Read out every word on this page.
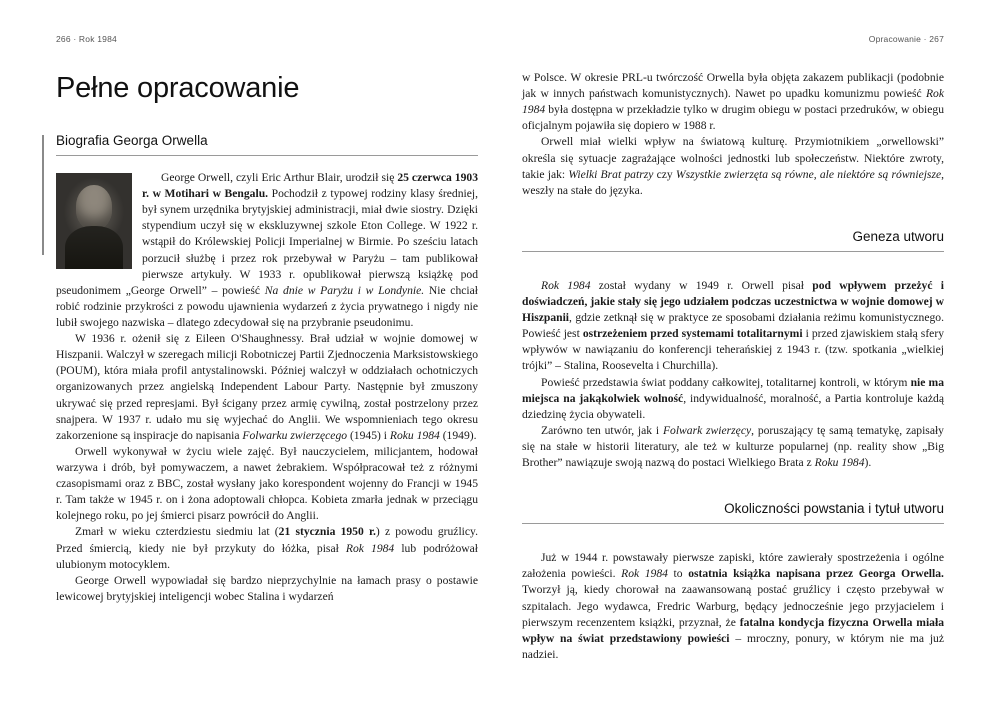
266 · Rok 1984	Opracowanie · 267
Pełne opracowanie
Biografia Georga Orwella

George Orwell, czyli Eric Arthur Blair, urodził się 25 czerwca 1903 r. w Motihari w Bengalu. Pochodził z typowej rodziny klasy średniej, był synem urzędnika brytyjskiej administracji, miał dwie siostry. Dzięki stypendium uczył się w ekskluzywnej szkole Eton College. W 1922 r. wstąpił do Królewskiej Policji Imperialnej w Birmie. Po sześciu latach porzucił służbę i przez rok przebywał w Paryżu – tam publikował pierwsze artykuły. W 1933 r. opublikował pierwszą książkę pod pseudonimem „George Orwell” – powieść Na dnie w Paryżu i w Londynie. Nie chciał robić rodzinie przykrości z powodu ujawnienia wydarzeń z życia prywatnego i nigdy nie lubił swojego nazwiska – dlatego zdecydował się na przybranie pseudonimu.

W 1936 r. ożenił się z Eileen O'Shaughnessy. Brał udział w wojnie domowej w Hiszpanii. Walczył w szeregach milicji Robotniczej Partii Zjednoczenia Marksistowskiego (POUM), która miała profil antystalinowski. Później walczył w oddziałach ochotniczych organizowanych przez angielską Independent Labour Party. Następnie był zmuszony ukrywać się przed represjami. Był ścigany przez armię cywilną, został postrzelony przez snajpera. W 1937 r. udało mu się wyjechać do Anglii. We wspomnieniach tego okresu zakorzenione są inspiracje do napisania Folwarku zwierzęcego (1945) i Roku 1984 (1949).

Orwell wykonywał w życiu wiele zajęć. Był nauczycielem, milicjantem, hodował warzywa i drób, był pomywaczem, a nawet żebrakiem. Współpracował też z różnymi czasopismami oraz z BBC, został wysłany jako korespondent wojenny do Francji w 1945 r. Tam także w 1945 r. on i żona adoptowali chłopca. Kobieta zmarła jednak w przeciągu kolejnego roku, po jej śmierci pisarz powrócił do Anglii.

Zmarł w wieku czterdziestu siedmiu lat (21 stycznia 1950 r.) z powodu gruźlicy. Przed śmiercią, kiedy nie był przykuty do łóżka, pisał Rok 1984 lub podróżował ulubionym motocyklem.

George Orwell wypowiadał się bardzo nieprzychylnie na łamach prasy o postawie lewicowej brytyjskiej inteligencji wobec Stalina i wydarzeń

w Polsce. W okresie PRL-u twórczość Orwella była objęta zakazem publikacji (podobnie jak w innych państwach komunistycznych). Nawet po upadku komunizmu powieść Rok 1984 była dostępna w przekładzie tylko w drugim obiegu w postaci przedruków, w obiegu oficjalnym pojawiła się dopiero w 1988 r.

Orwell miał wielki wpływ na światową kulturę. Przymiotnikiem „orwellowski” określa się sytuacje zagrażające wolności jednostki lub społeczeństw. Niektóre zwroty, takie jak: Wielki Brat patrzy czy Wszystkie zwierzęta są równe, ale niektóre są równiejsze, weszły na stałe do języka.

Geneza utworu

Rok 1984 został wydany w 1949 r. Orwell pisał pod wpływem przeżyć i doświadczeń, jakie stały się jego udziałem podczas uczestnictwa w wojnie domowej w Hiszpanii, gdzie zetknął się w praktyce ze sposobami działania reżimu komunistycznego. Powieść jest ostrzeżeniem przed systemami totalitarnymi i przed zjawiskiem stałą sfery wpływów w nawiązaniu do konferencji teherańskiej z 1943 r. (tzw. spotkania „wielkiej trójki” – Stalina, Roosevelta i Churchilla).

Powieść przedstawia świat poddany całkowitej, totalitarnej kontroli, w którym nie ma miejsca na jakąkolwiek wolność, indywidualność, moralność, a Partia kontroluje każdą dziedzinę życia obywateli.

Zarówno ten utwór, jak i Folwark zwierzęcy, poruszający tę samą tematykę, zapisały się na stałe w historii literatury, ale też w kulturze popularnej (np. reality show „Big Brother” nawiązuje swoją nazwą do postaci Wielkiego Brata z Roku 1984).

Okoliczności powstania i tytuł utworu

Już w 1944 r. powstawały pierwsze zapiski, które zawierały spostrzeżenia i ogólne założenia powieści. Rok 1984 to ostatnia książka napisana przez Georga Orwella. Tworzył ją, kiedy chorował na zaawansowaną postać gruźlicy i często przebywał w szpitalach. Jego wydawca, Fredric Warburg, będący jednocześnie jego przyjacielem i pierwszym recenzentem książki, przyznał, że fatalna kondycja fizyczna Orwella miała wpływ na świat przedstawiony powieści – mroczny, ponury, w którym nie ma już nadziei.
